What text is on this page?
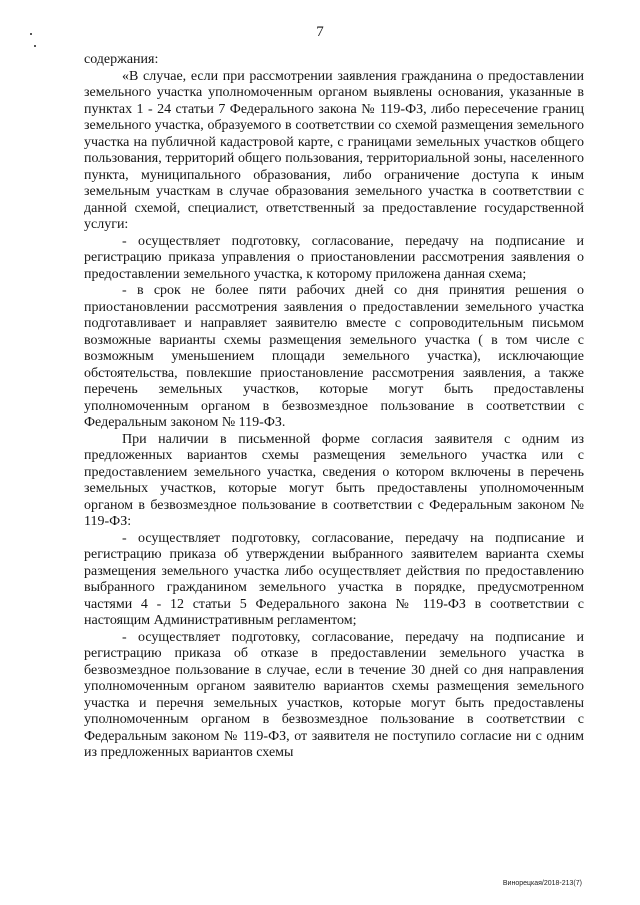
7

содержания:

«В случае, если при рассмотрении заявления гражданина о предоставлении земельного участка уполномоченным органом выявлены основания, указанные в пунктах 1 - 24 статьи 7 Федерального закона № 119-ФЗ, либо пересечение границ земельного участка, образуемого в соответствии со схемой размещения земельного участка на публичной кадастровой карте, с границами земельных участков общего пользования, территорий общего пользования, территориальной зоны, населенного пункта, муниципального образования, либо ограничение доступа к иным земельным участкам в случае образования земельного участка в соответствии с данной схемой, специалист, ответственный за предоставление государственной услуги:

- осуществляет подготовку, согласование, передачу на подписание и регистрацию приказа управления о приостановлении рассмотрения заявления о предоставлении земельного участка, к которому приложена данная схема;

- в срок не более пяти рабочих дней со дня принятия решения о приостановлении рассмотрения заявления о предоставлении земельного участка подготавливает и направляет заявителю вместе с сопроводительным письмом возможные варианты схемы размещения земельного участка ( в том числе с возможным уменьшением площади земельного участка), исключающие обстоятельства, повлекшие приостановление рассмотрения заявления, а также перечень земельных участков, которые могут быть предоставлены уполномоченным органом в безвозмездное пользование в соответствии с Федеральным законом № 119-ФЗ.

При наличии в письменной форме согласия заявителя с одним из предложенных вариантов схемы размещения земельного участка или с предоставлением земельного участка, сведения о котором включены в перечень земельных участков, которые могут быть предоставлены уполномоченным органом в безвозмездное пользование в соответствии с Федеральным законом № 119-ФЗ:

- осуществляет подготовку, согласование, передачу на подписание и регистрацию приказа об утверждении выбранного заявителем варианта схемы размещения земельного участка либо осуществляет действия по предоставлению выбранного гражданином земельного участка в порядке, предусмотренном частями 4 - 12 статьи 5 Федерального закона № 119-ФЗ в соответствии с настоящим Административным регламентом;

- осуществляет подготовку, согласование, передачу на подписание и регистрацию приказа об отказе в предоставлении земельного участка в безвозмездное пользование в случае, если в течение 30 дней со дня направления уполномоченным органом заявителю вариантов схемы размещения земельного участка и перечня земельных участков, которые могут быть предоставлены уполномоченным органом в безвозмездное пользование в соответствии с Федеральным законом № 119-ФЗ, от заявителя не поступило согласие ни с одним из предложенных вариантов схемы

Винорецкая/2018-213(7)
